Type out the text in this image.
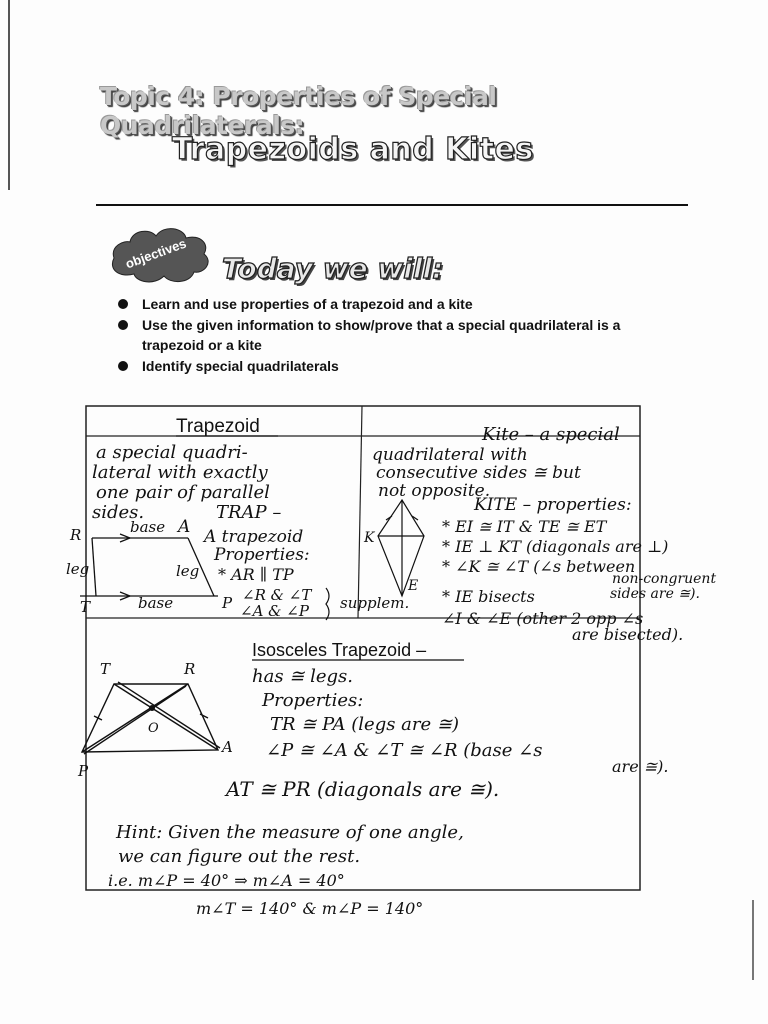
Topic 4: Properties of Special Quadrilaterals:
Trapezoids and Kites
objectives Today we will:
Learn and use properties of a trapezoid and a kite
Use the given information to show/prove that a special quadrilateral is a trapezoid or a kite
Identify special quadrilaterals
Trapezoid
a special quadri-
lateral with exactly
one pair of parallel
sides.	TRAP –
R	base A
leg	leg
T	base	P
A trapezoid
Properties:
* AR ∥ TP
∠R & ∠T
∠A & ∠P supplem.
Kite – a special
quadrilateral with
consecutive sides ≅ but
not opposite.
KITE – properties:
K
E
* EI ≅ IT & TE ≅ ET
* IE ⊥ KT (diagonals are ⊥)
* ∠K ≅ ∠T (∠s between
non-congruent
sides are ≅).
* IE bisects
∠I & ∠E (other 2 opp ∠s
are bisected).
Isosceles Trapezoid –
T	R
A
P
O
has ≅ legs.
Properties:
TR ≅ PA (legs are ≅)
∠P ≅ ∠A & ∠T ≅ ∠R (base ∠s
are ≅).
AT ≅ PR (diagonals are ≅).
Hint: Given the measure of one angle,
we can figure out the rest.
i.e. m∠P = 40° ⇒ m∠A = 40°
m∠T = 140° & m∠P = 140°
